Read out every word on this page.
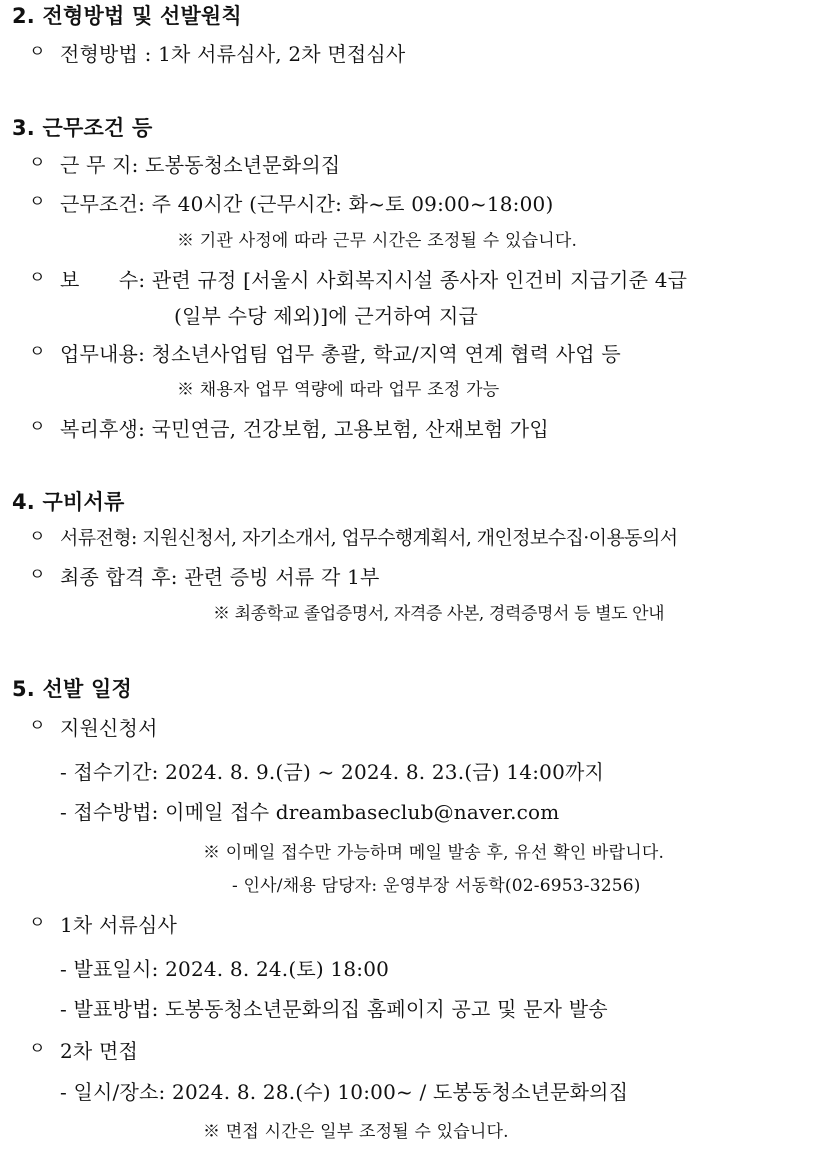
2. 전형방법 및 선발원칙
ㅇ 전형방법 : 1차 서류심사, 2차 면접심사
3. 근무조건 등
ㅇ 근 무 지: 도봉동청소년문화의집
ㅇ 근무조건: 주 40시간 (근무시간: 화~토 09:00~18:00)
※ 기관 사정에 따라 근무 시간은 조정될 수 있습니다.
ㅇ 보      수: 관련 규정 [서울시 사회복지시설 종사자 인건비 지급기준 4급
(일부 수당 제외)]에 근거하여 지급
ㅇ 업무내용: 청소년사업팀 업무 총괄, 학교/지역 연계 협력 사업 등
※ 채용자 업무 역량에 따라 업무 조정 가능
ㅇ 복리후생: 국민연금, 건강보험, 고용보험, 산재보험 가입
4. 구비서류
ㅇ 서류전형: 지원신청서, 자기소개서, 업무수행계획서, 개인정보수집·이용동의서
ㅇ 최종 합격 후: 관련 증빙 서류 각 1부
※ 최종학교 졸업증명서, 자격증 사본, 경력증명서 등 별도 안내
5. 선발 일정
ㅇ 지원신청서
- 접수기간: 2024. 8. 9.(금) ~ 2024. 8. 23.(금) 14:00까지
- 접수방법: 이메일 접수 dreambaseclub@naver.com
※ 이메일 접수만 가능하며 메일 발송 후, 유선 확인 바랍니다.
- 인사/채용 담당자: 운영부장 서동학(02-6953-3256)
ㅇ 1차 서류심사
- 발표일시: 2024. 8. 24.(토) 18:00
- 발표방법: 도봉동청소년문화의집 홈페이지 공고 및 문자 발송
ㅇ 2차 면접
- 일시/장소: 2024. 8. 28.(수) 10:00~ / 도봉동청소년문화의집
※ 면접 시간은 일부 조정될 수 있습니다.
